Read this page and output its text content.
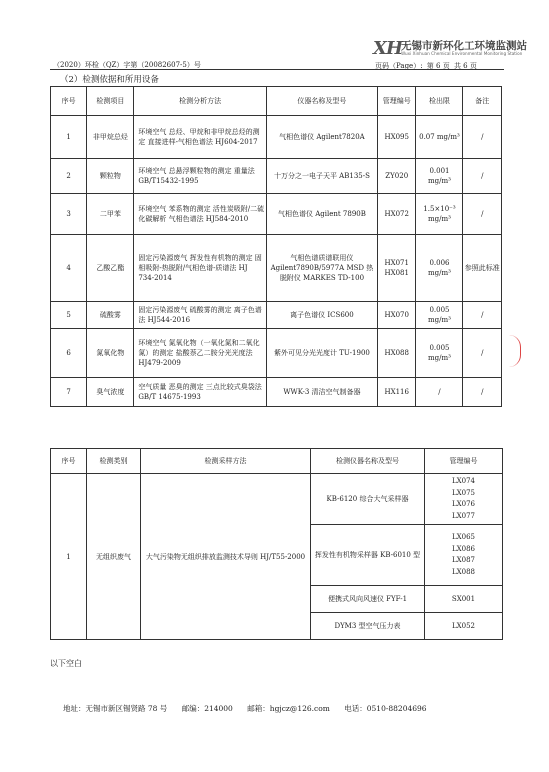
XH 无锡市新环化工环境监测站
Wuxi Xinhuan Chemical Environmental Monitoring Station
（2020）环检（QZ）字第（20082607-5）号	页码（Page）: 第 6 页 共 6 页
（2）检测依据和所用设备
序号	检测项目	检测分析方法	仪器名称及型号	管理编号	检出限	备注
1	非甲烷总烃	环境空气 总烃、甲烷和非甲烷总烃的测定 直接进样-气相色谱法 HJ604-2017	气相色谱仪 Agilent7820A	HX095	0.07 mg/m³	/
2	颗粒物	环境空气 总悬浮颗粒物的测定 重量法 GB/T15432-1995	十万分之一电子天平 AB135-S	ZY020	0.001 mg/m³	/
3	二甲苯	环境空气 苯系物的测定 活性炭吸附/二硫化碳解析 气相色谱法 HJ584-2010	气相色谱仪 Agilent 7890B	HX072	1.5×10⁻³ mg/m³	/
4	乙酸乙酯	固定污染源废气 挥发性有机物的测定 固相吸附-热脱附/气相色谱-质谱法 HJ 734-2014	气相色谱质谱联用仪 Agilent7890B/5977A MSD 热脱附仪 MARKES TD-100	HX071 HX081	0.006 mg/m³	参照此标准
5	硫酸雾	固定污染源废气 硫酸雾的测定 离子色谱法 HJ544-2016	离子色谱仪 ICS600	HX070	0.005 mg/m³	/
6	氮氧化物	环境空气 氮氧化物（一氧化氮和二氧化氮）的测定 盐酸萘乙二胺分光光度法 HJ479-2009	紫外可见分光光度计 TU-1900	HX088	0.005 mg/m³	/
7	臭气浓度	空气质量 恶臭的测定 三点比较式臭袋法 GB/T 14675-1993	WWK-3 清洁空气制备器	HX116	/	/
序号	检测类别	检测采样方法	检测仪器名称及型号	管理编号
1	无组织废气	大气污染物无组织排放监测技术导则 HJ/T55-2000	KB-6120 综合大气采样器	LX074
LX075
LX076
LX077

			挥发性有机物采样器 KB-6010 型	LX065
LX086
LX087
LX088

			便携式风向风速仪 FYF-1	SX001
			DYM3 型空气压力表	LX052
以下空白
地址：无锡市新区锡贤路 78 号 邮编：214000 邮箱：hgjcz@126.com 电话：0510-88204696
